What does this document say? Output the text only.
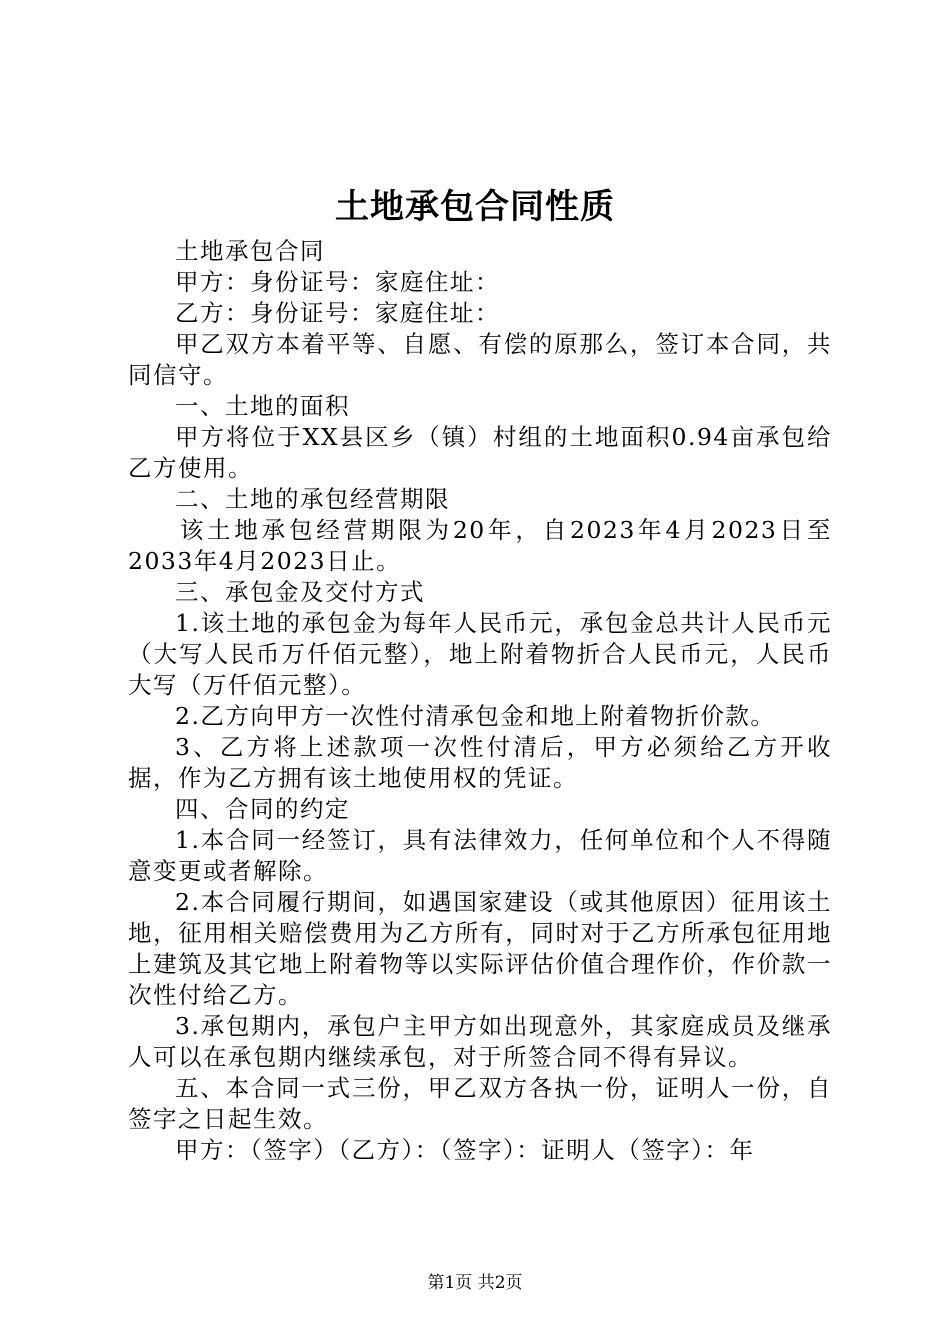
土地承包合同性质

土地承包合同

甲方：身份证号：家庭住址：

乙方：身份证号：家庭住址：

甲乙双方本着平等、自愿、有偿的原那么，签订本合同，共同信守。

一、土地的面积

甲方将位于XX县区乡（镇）村组的土地面积0.94亩承包给乙方使用。

二、土地的承包经营期限

该土地承包经营期限为20年，自2023年4月2023日至2033年4月2023日止。

三、承包金及交付方式

1.该土地的承包金为每年人民币元，承包金总共计人民币元（大写人民币万仟佰元整），地上附着物折合人民币元，人民币大写（万仟佰元整）。

2.乙方向甲方一次性付清承包金和地上附着物折价款。

3、乙方将上述款项一次性付清后，甲方必须给乙方开收据，作为乙方拥有该土地使用权的凭证。

四、合同的约定

1.本合同一经签订，具有法律效力，任何单位和个人不得随意变更或者解除。

2.本合同履行期间，如遇国家建设（或其他原因）征用该土地，征用相关赔偿费用为乙方所有，同时对于乙方所承包征用地上建筑及其它地上附着物等以实际评估价值合理作价，作价款一次性付给乙方。

3.承包期内，承包户主甲方如出现意外，其家庭成员及继承人可以在承包期内继续承包，对于所签合同不得有异议。

五、本合同一式三份，甲乙双方各执一份，证明人一份，自签字之日起生效。

甲方：（签字）（乙方）：（签字）：证明人（签字）：年

第1页 共2页
